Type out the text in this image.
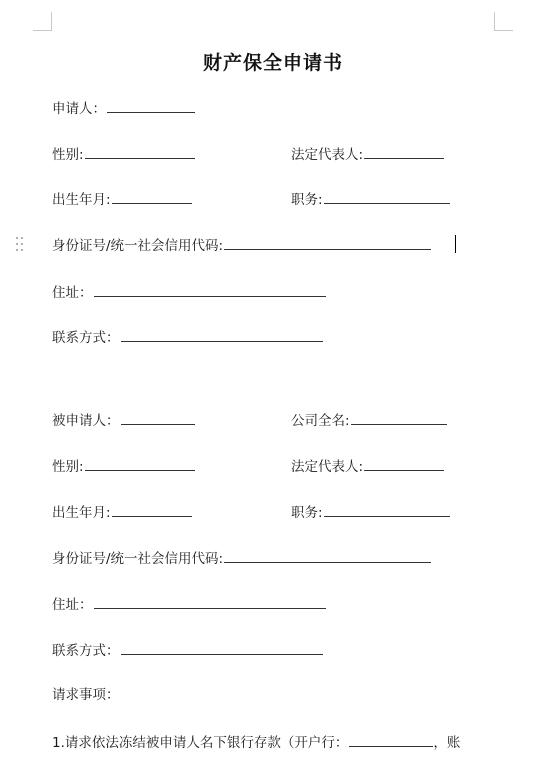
财产保全申请书
申请人：
性别:	法定代表人:
出生年月:	职务:
身份证号/统一社会信用代码:
住址：
联系方式：
被申请人：	公司全名:
性别:	法定代表人:
出生年月:	职务:
身份证号/统一社会信用代码:
住址：
联系方式：
请求事项：
1.请求依法冻结被申请人名下银行存款（开户行：	，账
